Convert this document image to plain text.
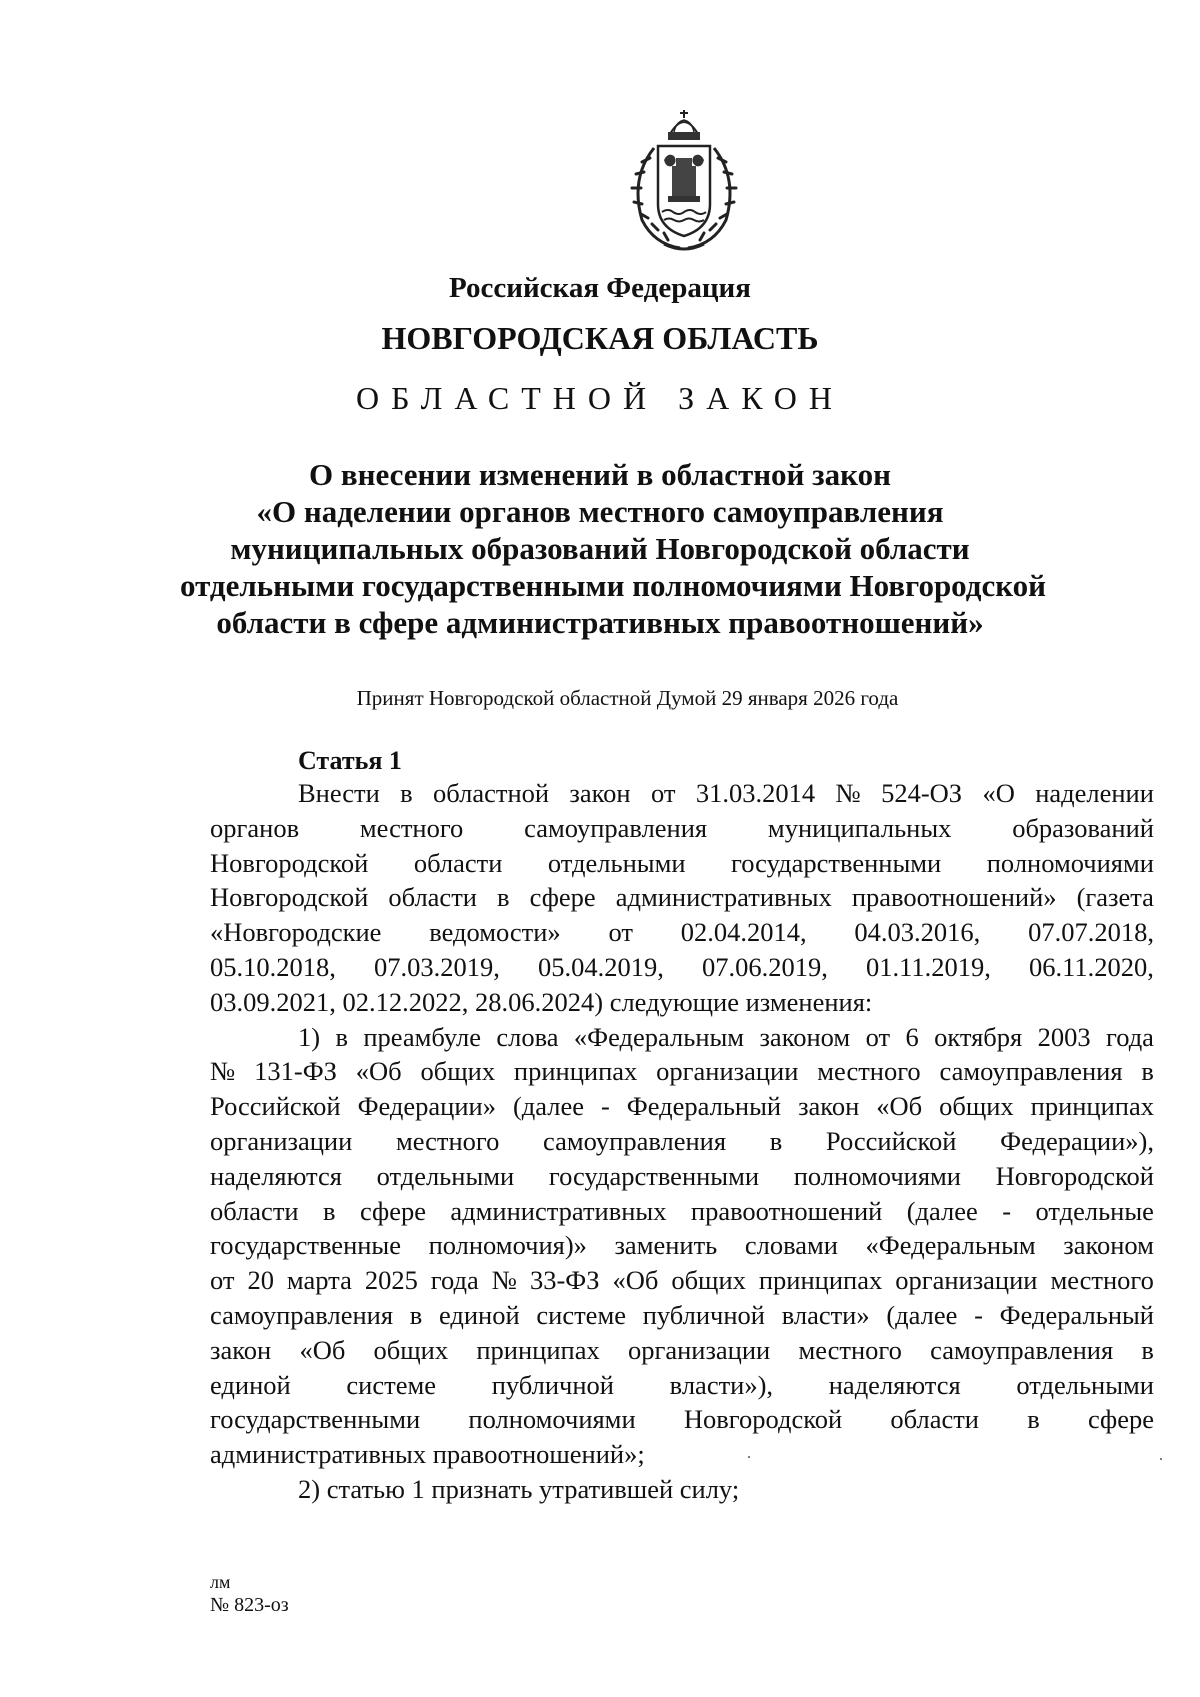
Российская Федерация
НОВГОРОДСКАЯ ОБЛАСТЬ
ОБЛАСТНОЙ ЗАКОН
О внесении изменений в областной закон
«О наделении органов местного самоуправления
муниципальных образований Новгородской области
отдельными государственными полномочиями Новгородской
области в сфере административных правоотношений»
Принят Новгородской областной Думой 29 января 2026 года
Статья 1
Внести в областной закон от 31.03.2014 № 524-ОЗ «О наделении
органов местного самоуправления муниципальных образований
Новгородской области отдельными государственными полномочиями
Новгородской области в сфере административных правоотношений» (газета
«Новгородские ведомости» от 02.04.2014, 04.03.2016, 07.07.2018,
05.10.2018, 07.03.2019, 05.04.2019, 07.06.2019, 01.11.2019, 06.11.2020,
03.09.2021, 02.12.2022, 28.06.2024) следующие изменения:
1) в преамбуле слова «Федеральным законом от 6 октября 2003 года
№ 131-ФЗ «Об общих принципах организации местного самоуправления в
Российской Федерации» (далее - Федеральный закон «Об общих принципах
организации местного самоуправления в Российской Федерации»),
наделяются отдельными государственными полномочиями Новгородской
области в сфере административных правоотношений (далее - отдельные
государственные полномочия)» заменить словами «Федеральным законом
от 20 марта 2025 года № 33-ФЗ «Об общих принципах организации местного
самоуправления в единой системе публичной власти» (далее - Федеральный
закон «Об общих принципах организации местного самоуправления в
единой системе публичной власти»), наделяются отдельными
государственными полномочиями Новгородской области в сфере
административных правоотношений»;
2) статью 1 признать утратившей силу;
лм
№ 823-оз
